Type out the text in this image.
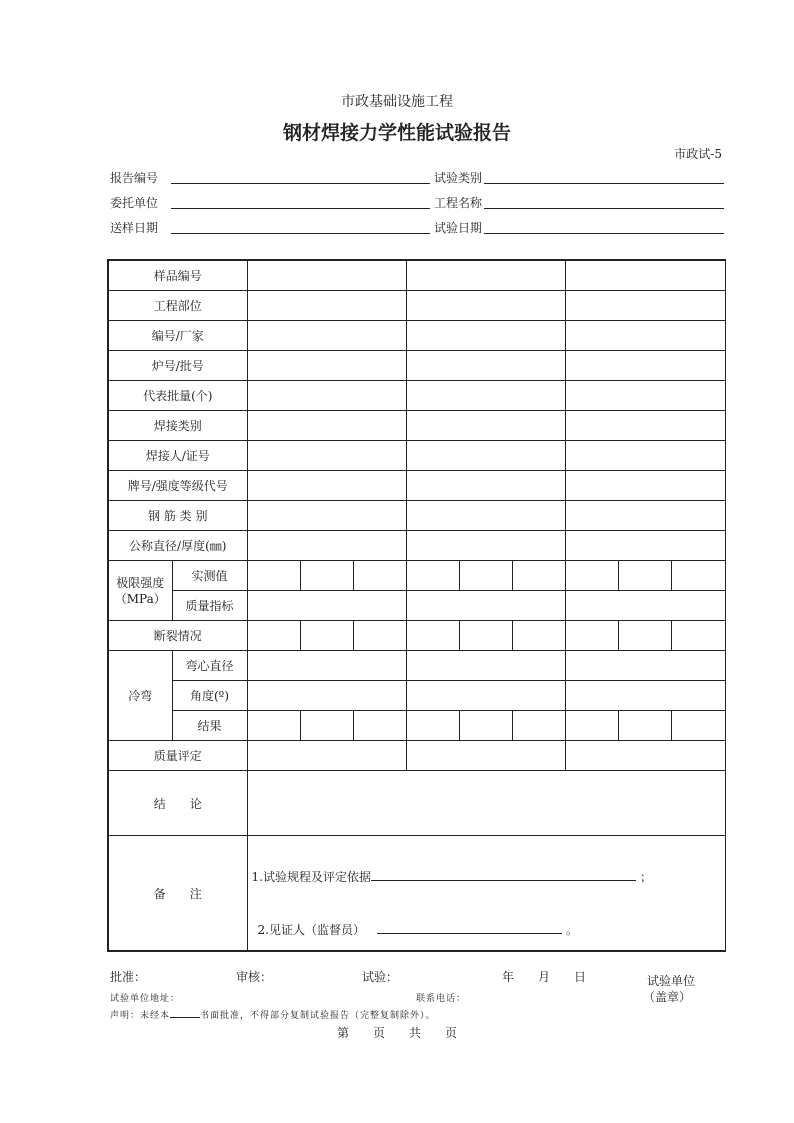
市政基础设施工程
钢材焊接力学性能试验报告
市政试-5
报告编号	试验类别
委托单位	工程名称
送样日期	试验日期
样品编号										
工程部位										
编号/厂家										
炉号/批号										
代表批量(个)										
焊接类别										
焊接人/证号										
牌号/强度等级代号										
钢 筋 类 别										
公称直径/厚度(㎜)										
极限强度
（MPa）	实测值									
	质量指标									
断裂情况										
冷弯	弯心直径									
	角度(º)									
	结果									
质量评定										
结　　论										
备　　注		1.试验规程及评定依据 ；
2.见证人（监督员） 。								
批准：	审核：	试验：	年　　月　　日	试验单位
（盖章）
试验单位地址：	联系电话：
声明：未经本	书面批准，不得部分复制试验报告（完整复制除外）。
第　　页　　共　　页
